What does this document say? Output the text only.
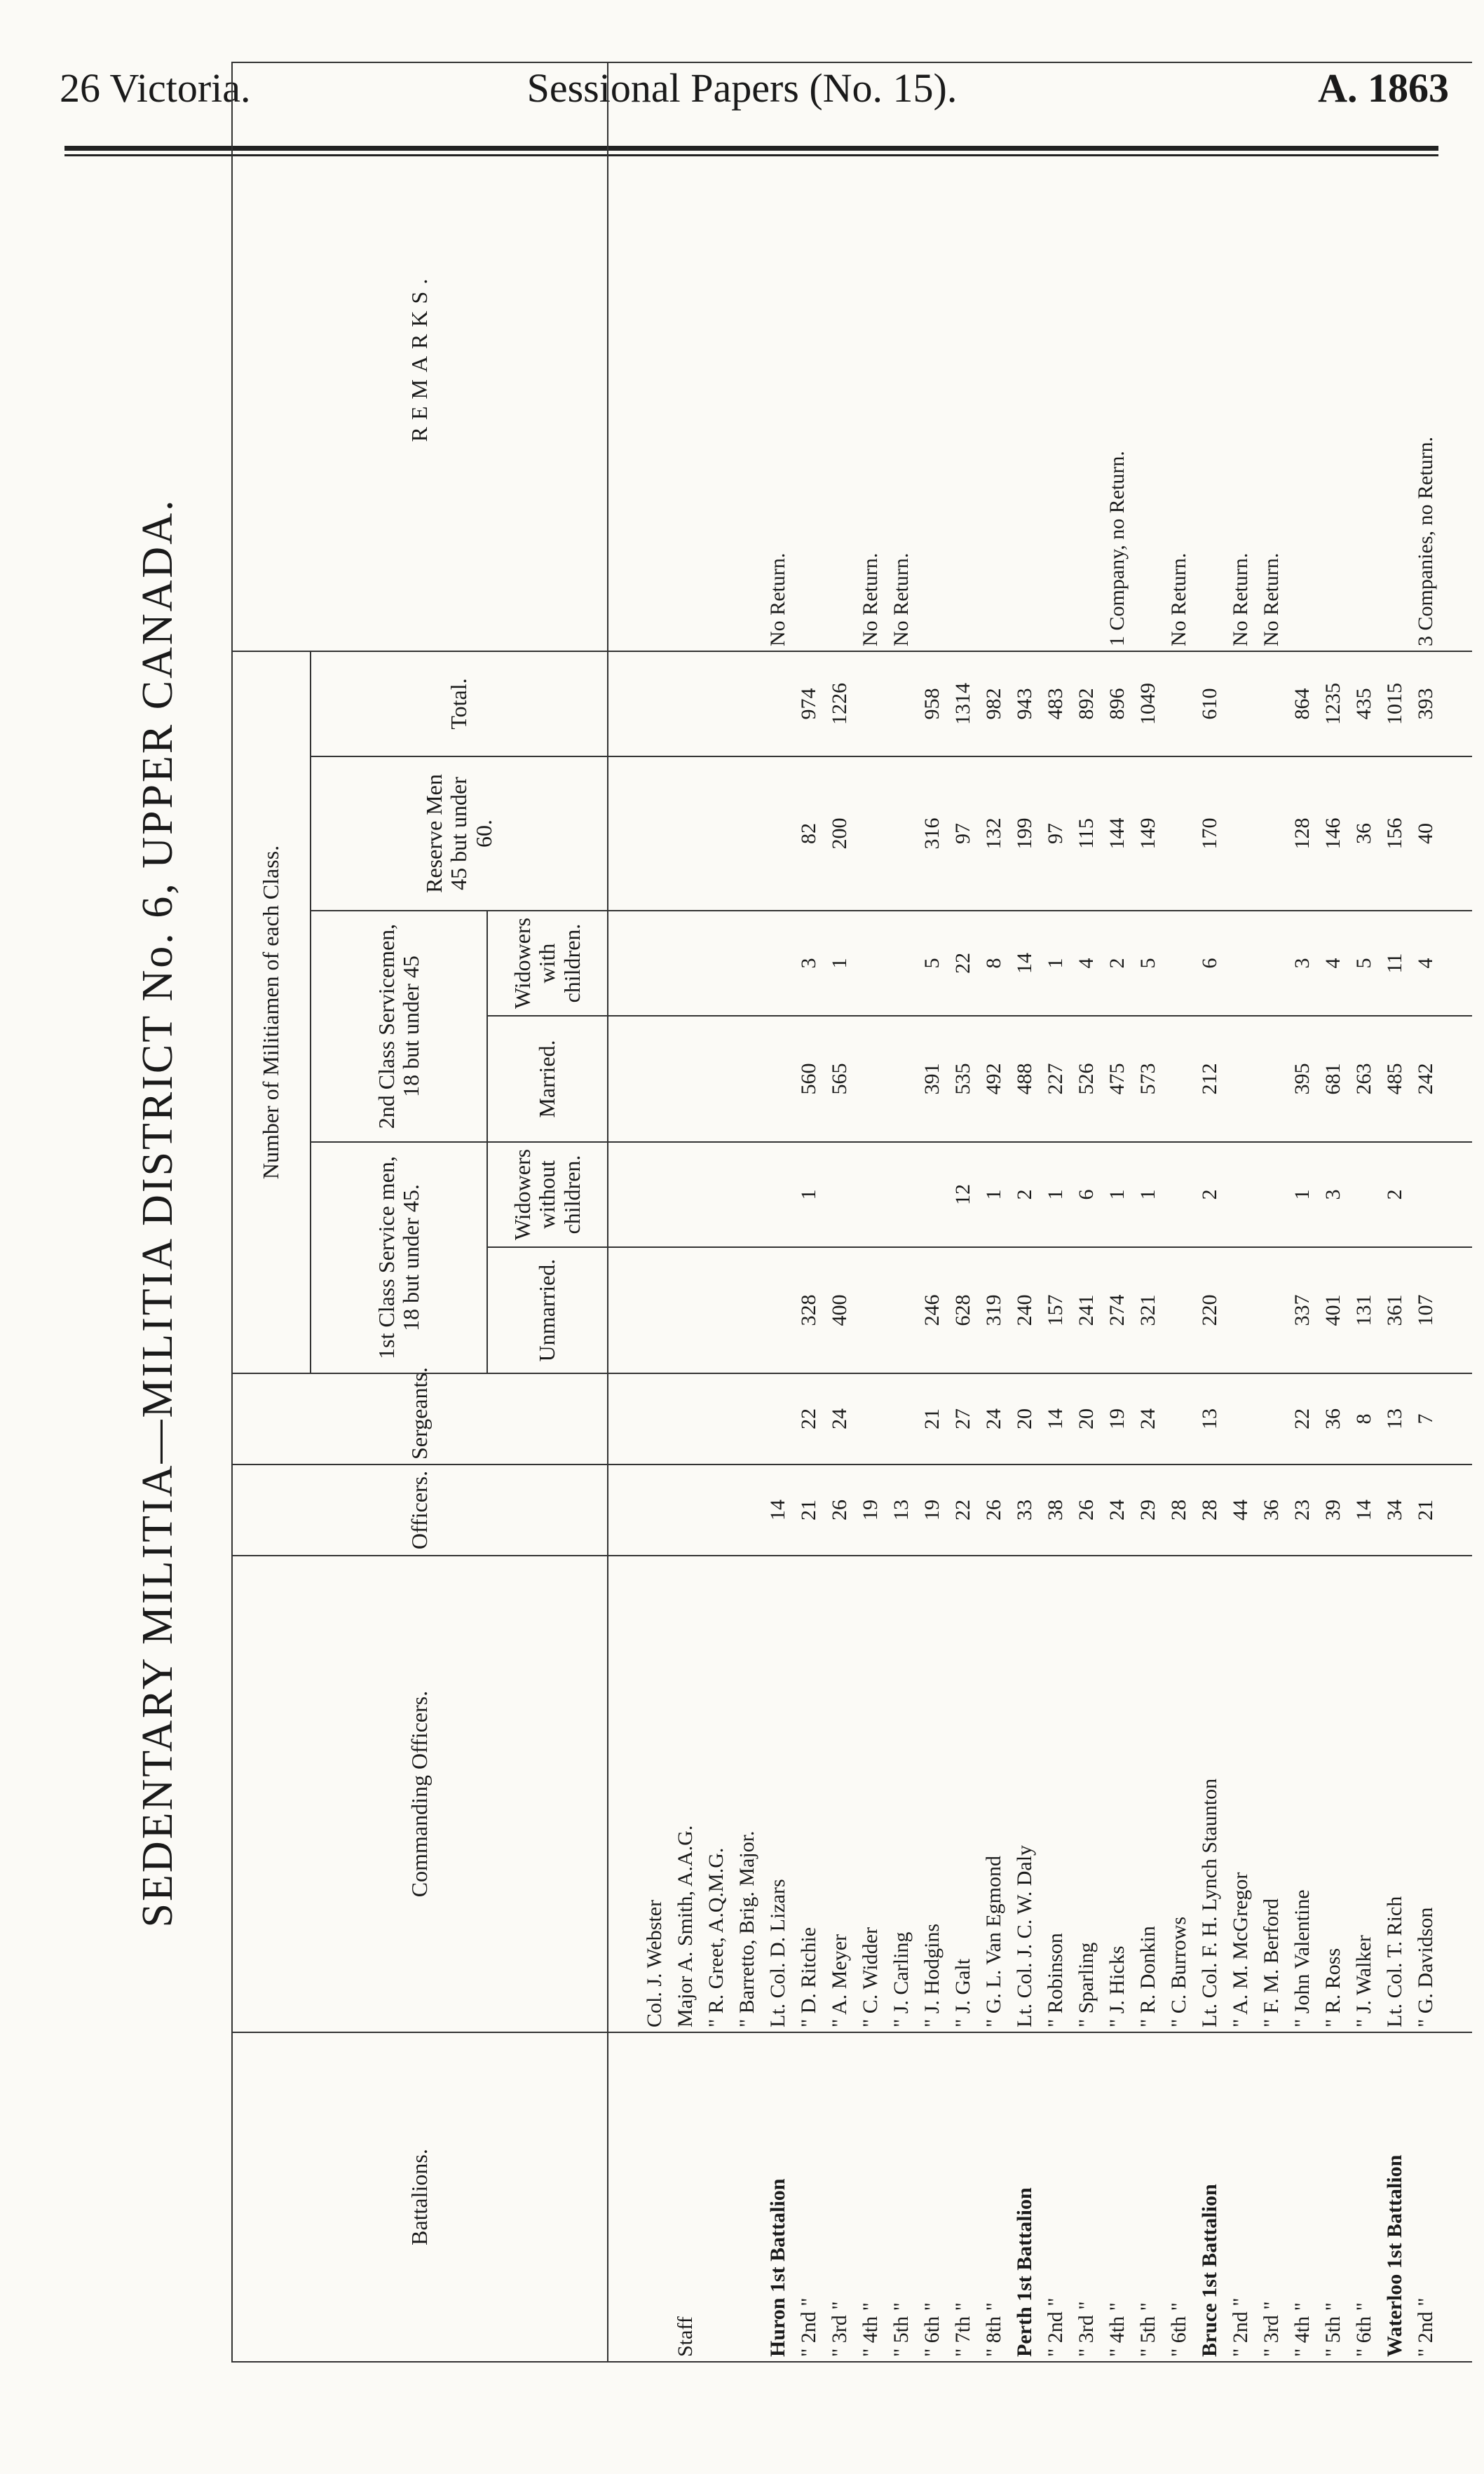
26 Victoria.	Sessional Papers (No. 15).	A. 1863
SEDENTARY MILITIA—MILITIA DISTRICT No. 6, UPPER CANADA.
Battalions.	Commanding Officers.	Officers.	Sergeants.	Number of Militiamen of each Class.						REMARKS.
				1st Class Service men, 18 but under 45.		2nd Class Servicemen, 18 but under 45		Reserve Men 45 but under 60.	Total.	
				Unmarried.	Widowers without children.	Married.	Widowers with children.			

	Col. J. Webster									
Staff	Major A. Smith, A.A.G.									
	" R. Greet, A.Q.M.G.									
	" Barretto, Brig. Major.									
Huron 1st Battalion	Lt. Col. D. Lizars	14								No Return.
" 2nd "	" D. Ritchie	21	22	328	1	560	3	82	974	
" 3rd "	" A. Meyer	26	24	400		565	1	200	1226	
" 4th "	" C. Widder	19								No Return.
" 5th "	" J. Carling	13								No Return.
" 6th "	" J. Hodgins	19	21	246		391	5	316	958	
" 7th "	" J. Galt	22	27	628	12	535	22	97	1314	
" 8th "	" G. L. Van Egmond	26	24	319	1	492	8	132	982	
Perth 1st Battalion	Lt. Col. J. C. W. Daly	33	20	240	2	488	14	199	943	
" 2nd "	" Robinson	38	14	157	1	227	1	97	483	
" 3rd "	" Sparling	26	20	241	6	526	4	115	892	
" 4th "	" J. Hicks	24	19	274	1	475	2	144	896	1 Company, no Return.
" 5th "	" R. Donkin	29	24	321	1	573	5	149	1049	
" 6th "	" C. Burrows	28								No Return.
Bruce 1st Battalion	Lt. Col. F. H. Lynch Staunton	28	13	220	2	212	6	170	610	
" 2nd "	" A. M. McGregor	44								No Return.
" 3rd "	" F. M. Berford	36								No Return.
" 4th "	" John Valentine	23	22	337	1	395	3	128	864	
" 5th "	" R. Ross	39	36	401	3	681	4	146	1235	
" 6th "	" J. Walker	14	8	131		263	5	36	435	
Waterloo 1st Battalion	Lt. Col. T. Rich	34	13	361	2	485	11	156	1015	
" 2nd "	" G. Davidson	21	7	107		242	4	40	393	3 Companies, no Return.
